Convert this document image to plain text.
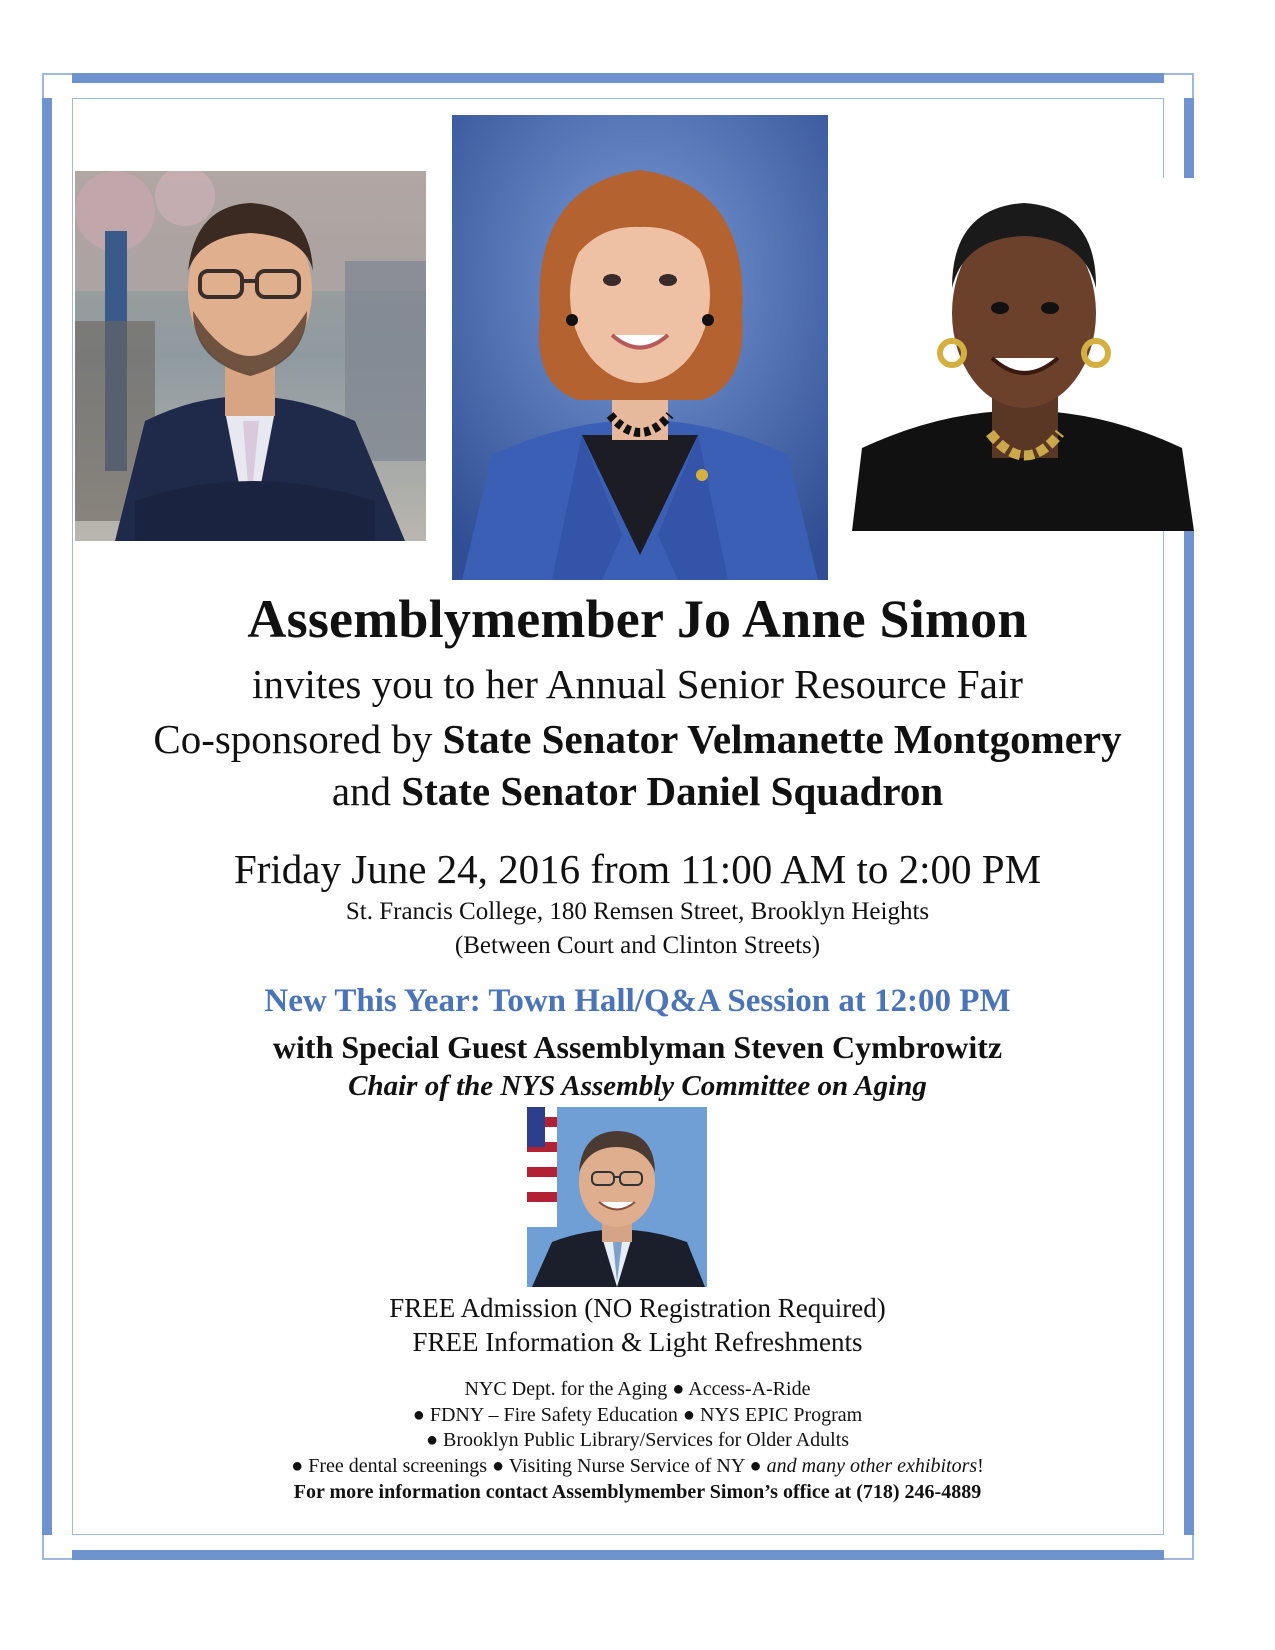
Assemblymember Jo Anne Simon

invites you to her Annual Senior Resource Fair

Co-sponsored by State Senator Velmanette Montgomery

and State Senator Daniel Squadron

Friday June 24, 2016 from 11:00 AM to 2:00 PM

St. Francis College, 180 Remsen Street, Brooklyn Heights

(Between Court and Clinton Streets)

New This Year: Town Hall/Q&A Session at 12:00 PM

with Special Guest Assemblyman Steven Cymbrowitz

Chair of the NYS Assembly Committee on Aging

FREE Admission (NO Registration Required)

FREE Information & Light Refreshments

NYC Dept. for the Aging ● Access-A-Ride

● FDNY – Fire Safety Education ● NYS EPIC Program

● Brooklyn Public Library/Services for Older Adults

● Free dental screenings ● Visiting Nurse Service of NY ● and many other exhibitors!

For more information contact Assemblymember Simon’s office at (718) 246-4889
